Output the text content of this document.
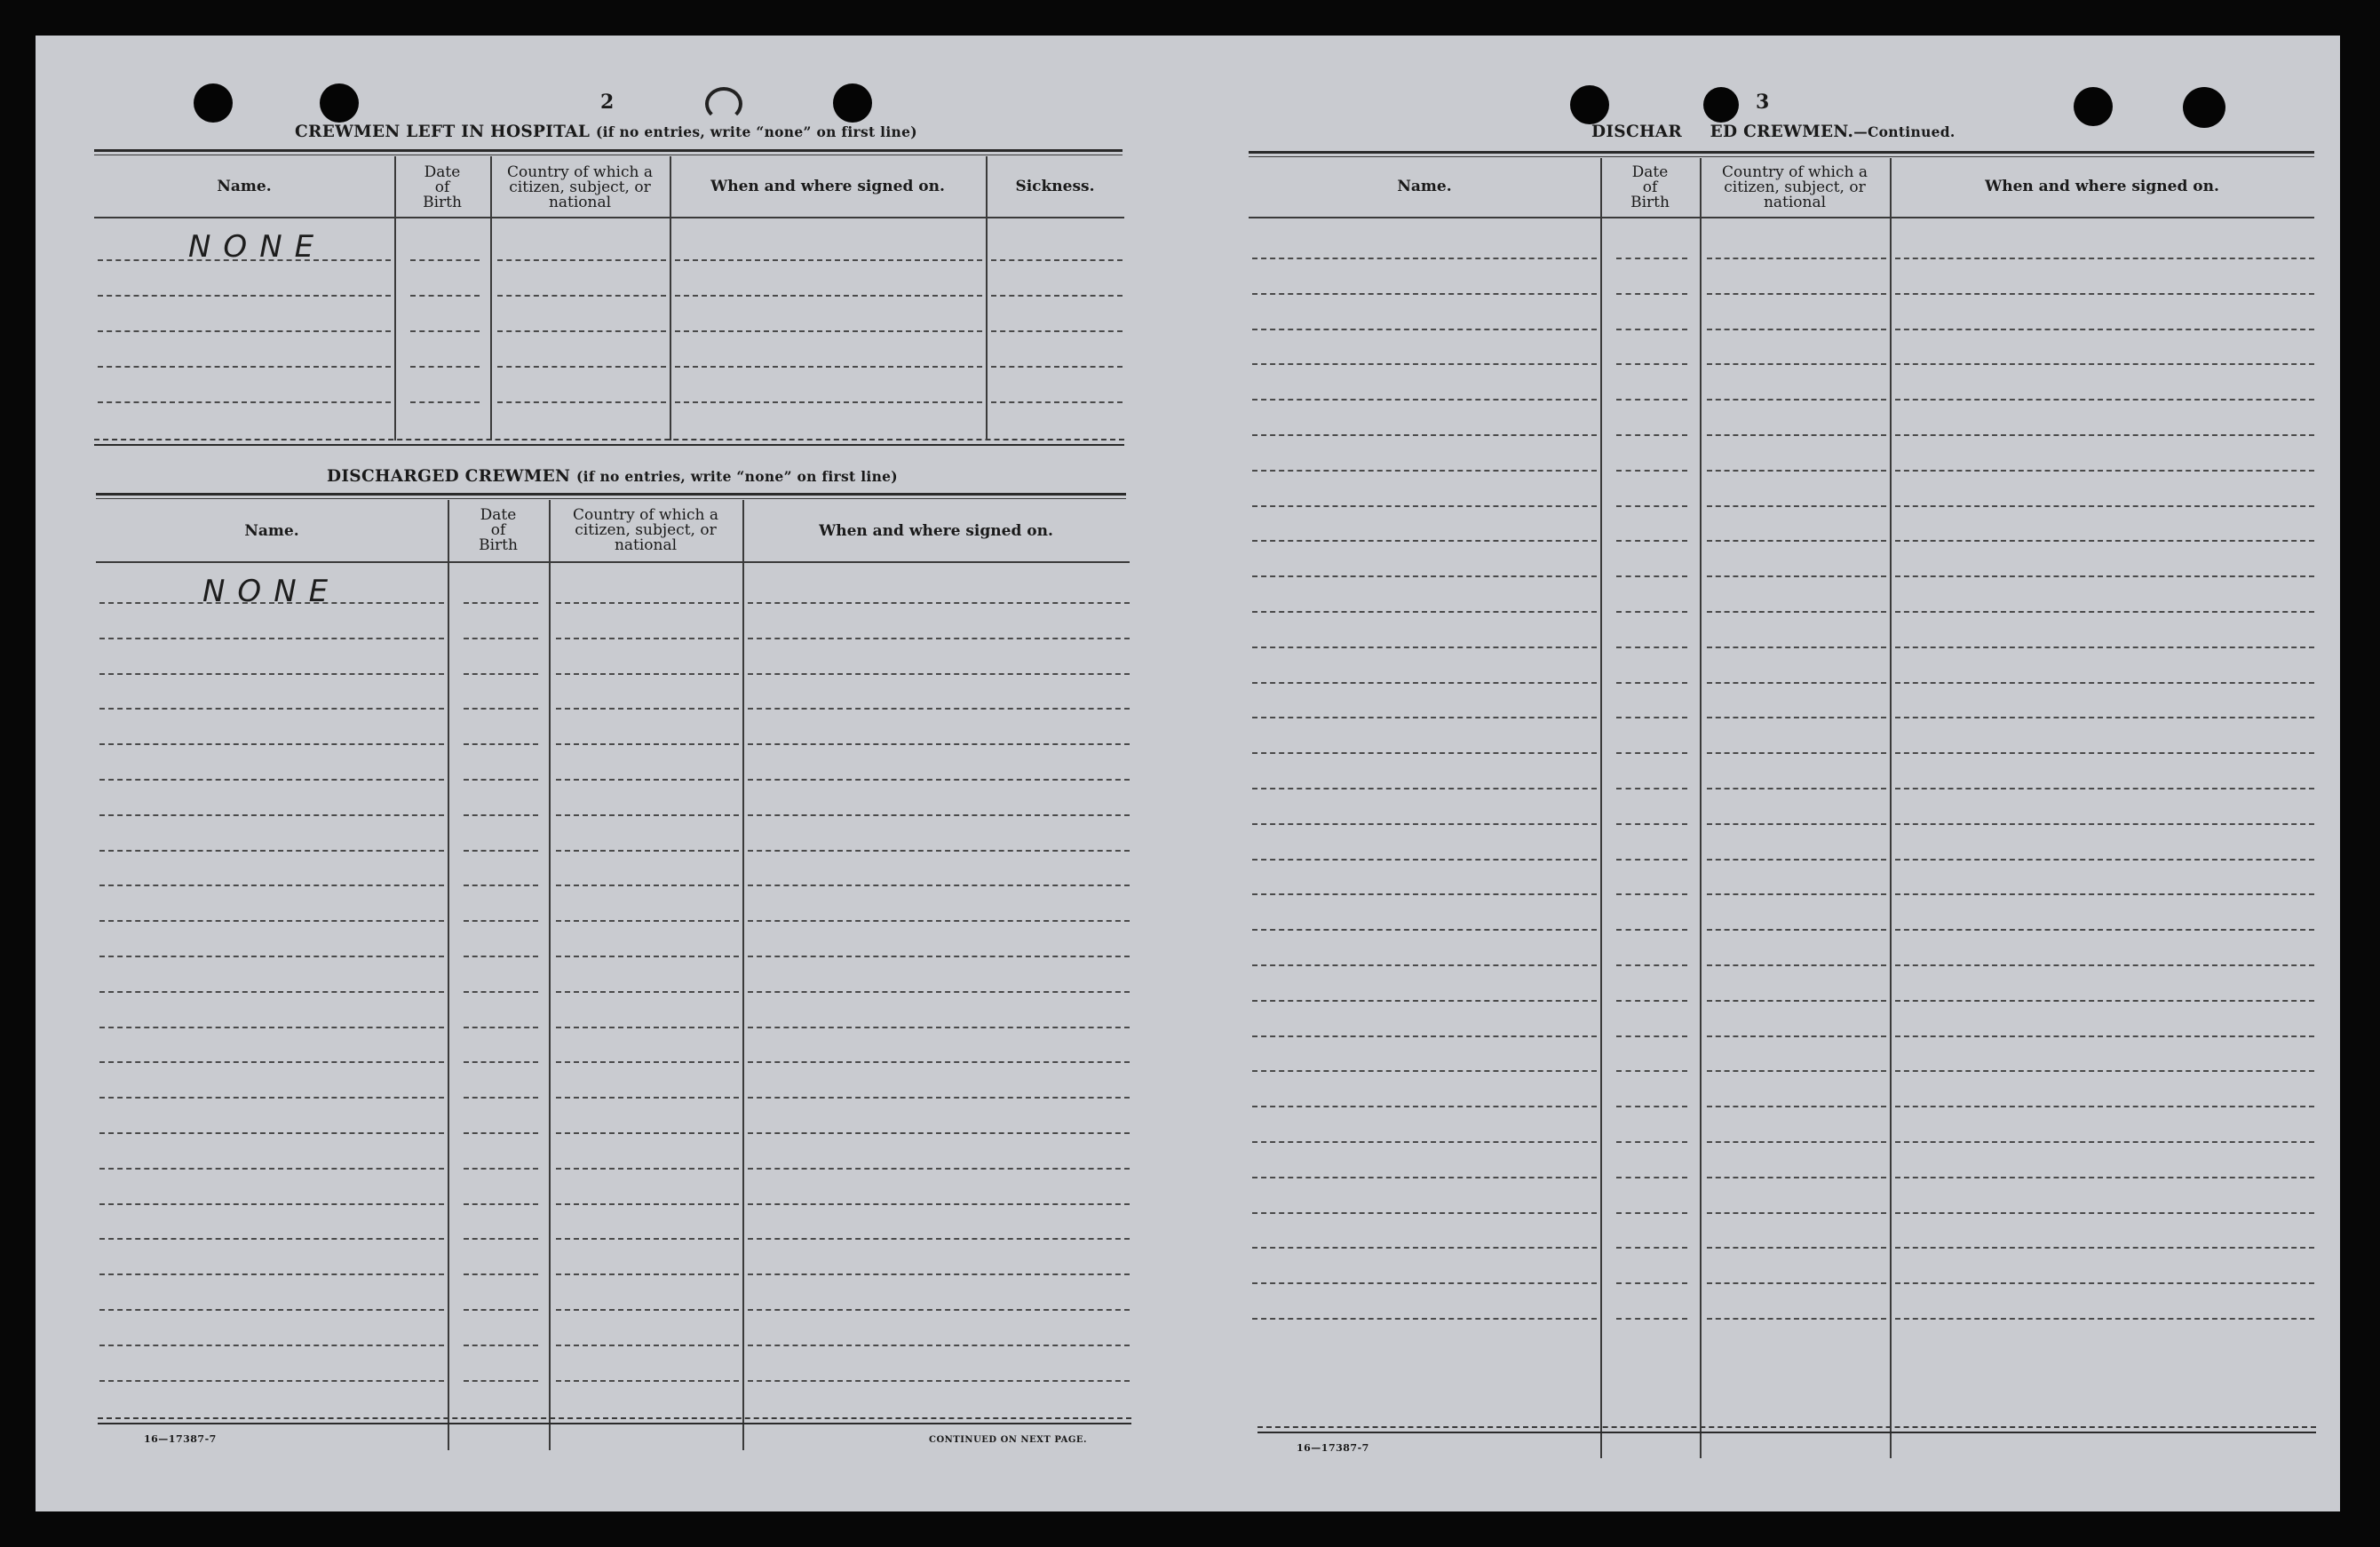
2
CREWMEN LEFT IN HOSPITAL (if no entries, write “none” on first line)
Name.
Date
of
Birth
Country of which a
citizen, subject, or
national
When and where signed on.	Sickness.
NONE
DISCHARGED CREWMEN (if no entries, write “none” on first line)
Name.
Date
of
Birth
Country of which a
citizen, subject, or
national
When and where signed on.
NONE
16—17387-7	CONTINUED ON NEXT PAGE.
3
DISCHAR ED CREWMEN.—Continued.
Name.
Date
of
Birth
Country of which a
citizen, subject, or
national
When and where signed on.
16—17387-7
